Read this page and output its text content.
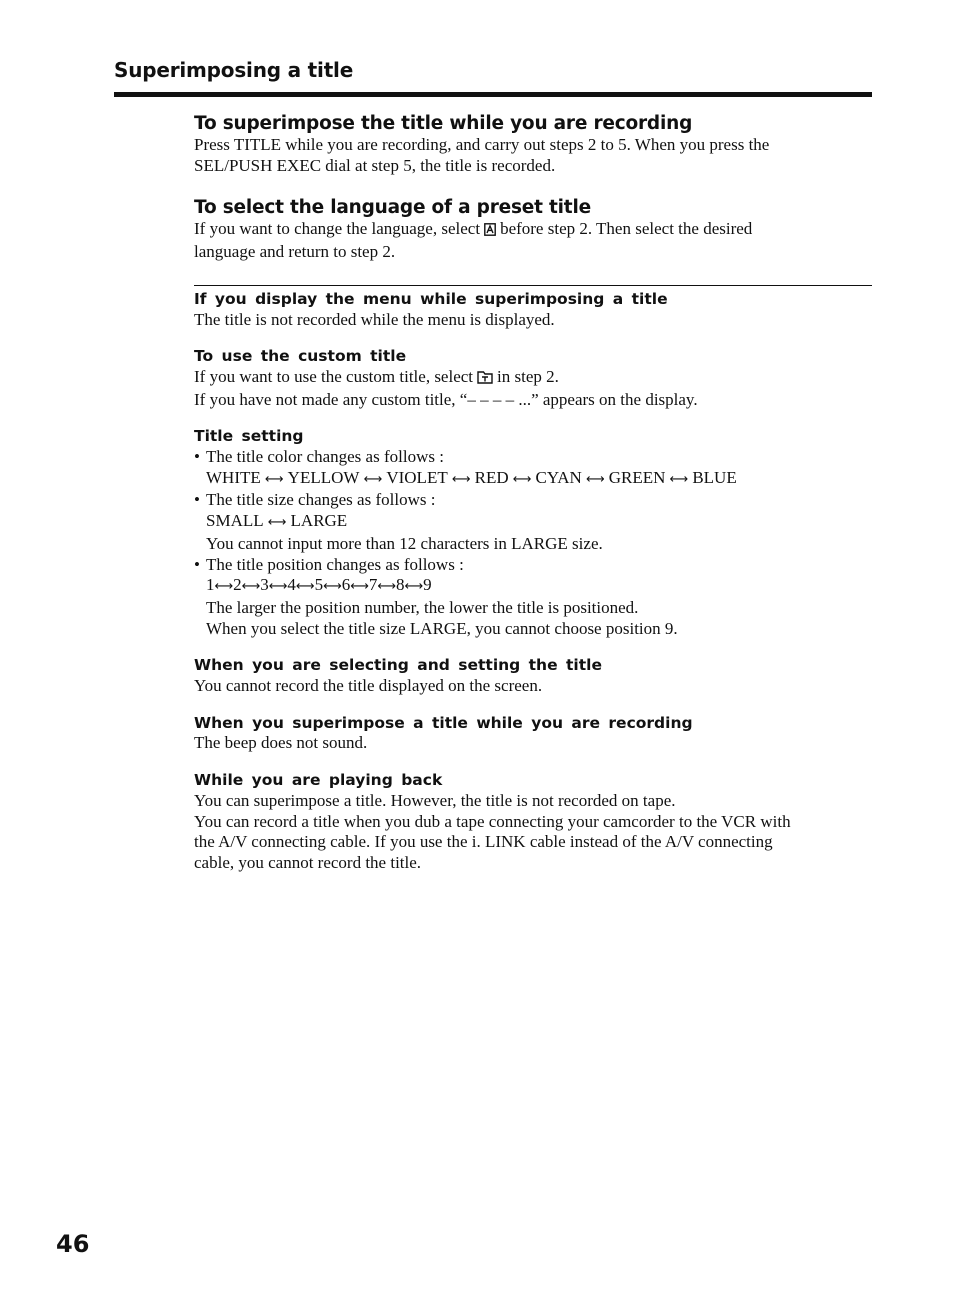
Superimposing a title
To superimpose the title while you are recording
Press TITLE while you are recording, and carry out steps 2 to 5. When you press the
SEL/PUSH EXEC dial at step 5, the title is recorded.
To select the language of a preset title
If you want to change the language, select before step 2. Then select the desired
language and return to step 2.
If you display the menu while superimposing a title
The title is not recorded while the menu is displayed.
To use the custom title
If you want to use the custom title, select in step 2.
If you have not made any custom title, “– – – – ...” appears on the display.
Title setting
• The title color changes as follows :
WHITE ⟷ YELLOW ⟷ VIOLET ⟷ RED ⟷ CYAN ⟷ GREEN ⟷ BLUE
• The title size changes as follows :
SMALL ⟷ LARGE
You cannot input more than 12 characters in LARGE size.
• The title position changes as follows :
1⟷2⟷3⟷4⟷5⟷6⟷7⟷8⟷9
The larger the position number, the lower the title is positioned.
When you select the title size LARGE, you cannot choose position 9.
When you are selecting and setting the title
You cannot record the title displayed on the screen.
When you superimpose a title while you are recording
The beep does not sound.
While you are playing back
You can superimpose a title. However, the title is not recorded on tape.
You can record a title when you dub a tape connecting your camcorder to the VCR with
the A/V connecting cable. If you use the i. LINK cable instead of the A/V connecting
cable, you cannot record the title.
46
